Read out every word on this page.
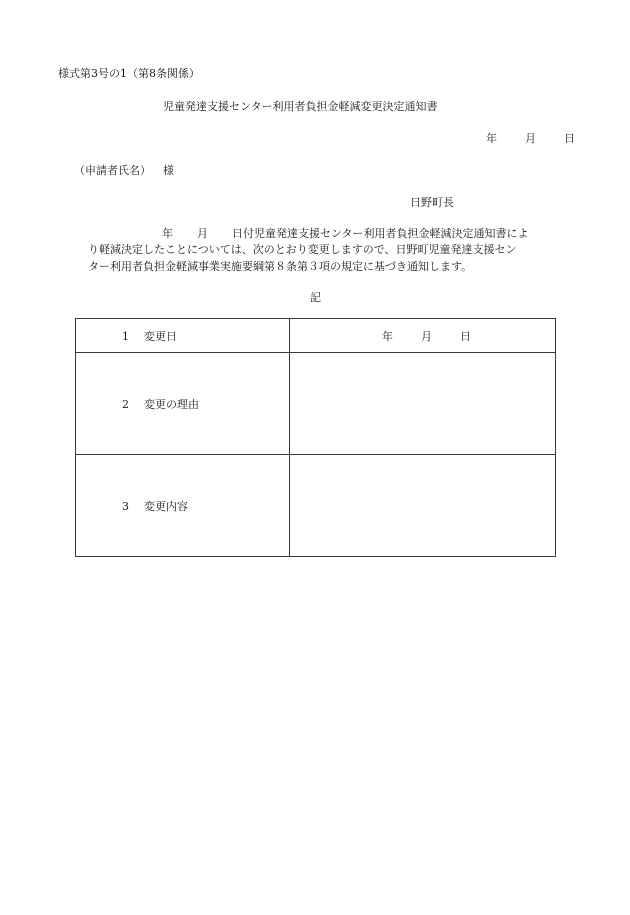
様式第3号の1（第8条関係）
児童発達支援センター利用者負担金軽減変更決定通知書
年	月	日
（申請者氏名） 様
日野町長
年 月 日付児童発達支援センター利用者負担金軽減決定通知書によ
り軽減決定したことについては、次のとおり変更しますので、日野町児童発達支援セン
ター利用者負担金軽減事業実施要綱第８条第３項の規定に基づき通知します。
記
1 変更日	年 月 日

2 変更の理由	
3 変更内容	
